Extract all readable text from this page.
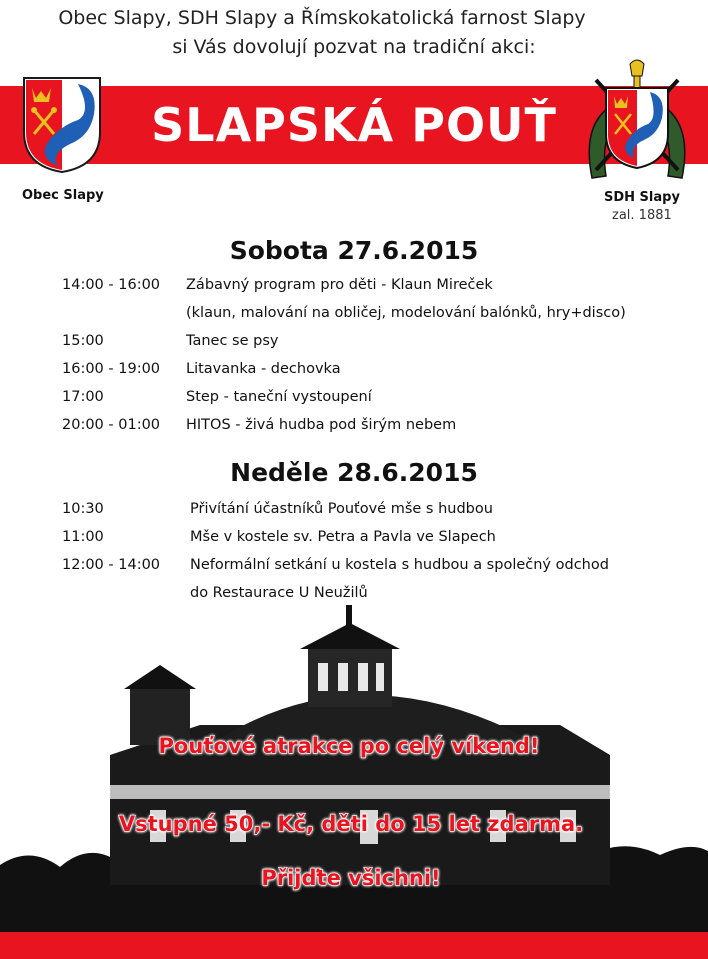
Obec Slapy, SDH Slapy a Římskokatolická farnost Slapy
si Vás dovolují pozvat na tradiční akci:
SLAPSKÁ POUŤ
Obec Slapy	SDH Slapy
zal. 1881
Sobota 27.6.2015
14:00 - 16:00 Zábavný program pro děti - Klaun Mireček
(klaun, malování na obličej, modelování balónků, hry+disco)
15:00	Tanec se psy
16:00 - 19:00 Litavanka - dechovka
17:00	Step - taneční vystoupení
20:00 - 01:00 HITOS - živá hudba pod širým nebem
Neděle 28.6.2015
10:30	Přivítání účastníků Pouťové mše s hudbou
11:00	Mše v kostele sv. Petra a Pavla ve Slapech
12:00 - 14:00 Neformální setkání u kostela s hudbou a společný odchod
do Restaurace U Neužilů
Pouťové atrakce po celý víkend!
Vstupné 50,- Kč, děti do 15 let zdarma.
Přijďte všichni!
